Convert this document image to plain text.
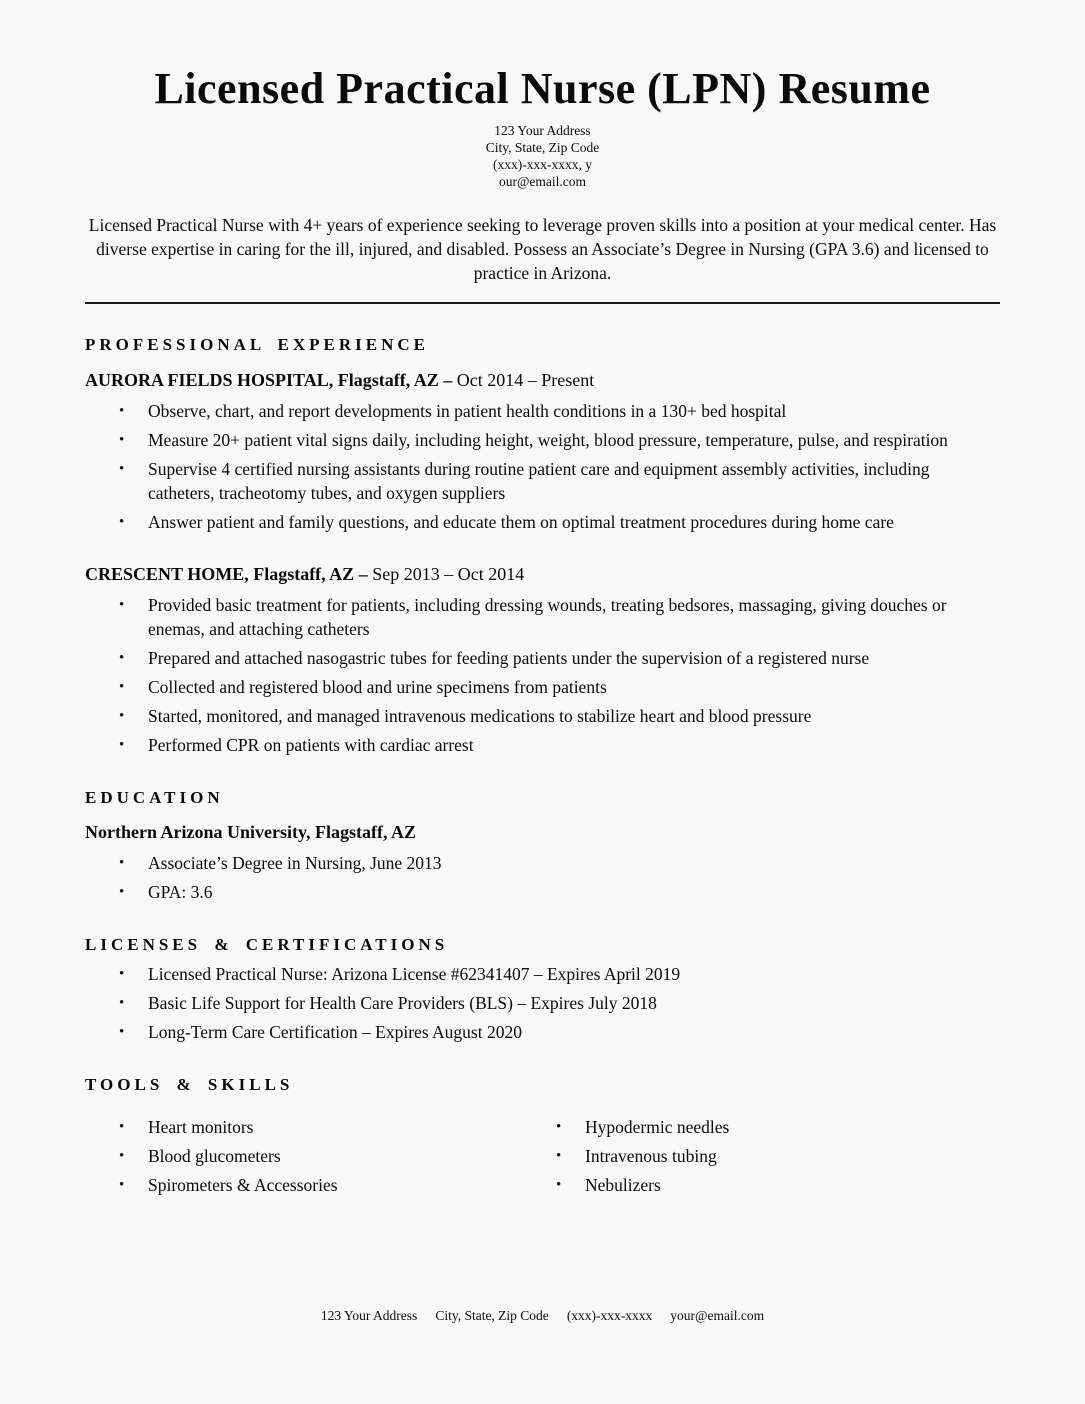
Licensed Practical Nurse (LPN) Resume
123 Your Address
City, State, Zip Code
(xxx)-xxx-xxxx, y
our@email.com

Licensed Practical Nurse with 4+ years of experience seeking to leverage proven skills into a position at your medical center. Has diverse expertise in caring for the ill, injured, and disabled. Possess an Associate’s Degree in Nursing (GPA 3.6) and licensed to practice in Arizona.

PROFESSIONAL EXPERIENCE

AURORA FIELDS HOSPITAL, Flagstaff, AZ – Oct 2014 – Present

• Observe, chart, and report developments in patient health conditions in a 130+ bed hospital
• Measure 20+ patient vital signs daily, including height, weight, blood pressure, temperature, pulse, and respiration
• Supervise 4 certified nursing assistants during routine patient care and equipment assembly activities, including catheters, tracheotomy tubes, and oxygen suppliers
• Answer patient and family questions, and educate them on optimal treatment procedures during home care

CRESCENT HOME, Flagstaff, AZ – Sep 2013 – Oct 2014

• Provided basic treatment for patients, including dressing wounds, treating bedsores, massaging, giving douches or enemas, and attaching catheters
• Prepared and attached nasogastric tubes for feeding patients under the supervision of a registered nurse
• Collected and registered blood and urine specimens from patients
• Started, monitored, and managed intravenous medications to stabilize heart and blood pressure
• Performed CPR on patients with cardiac arrest
EDUCATION

Northern Arizona University, Flagstaff, AZ

• Associate’s Degree in Nursing, June 2013
• GPA: 3.6
LICENSES & CERTIFICATIONS
• Licensed Practical Nurse: Arizona License #62341407 – Expires April 2019
• Basic Life Support for Health Care Providers (BLS) – Expires July 2018
• Long-Term Care Certification – Expires August 2020
TOOLS & SKILLS
• Heart monitors
• Blood glucometers
• Spirometers & Accessories
• Hypodermic needles
• Intravenous tubing
• Nebulizers
123 Your Address City, State, Zip Code (xxx)-xxx-xxxx your@email.com
